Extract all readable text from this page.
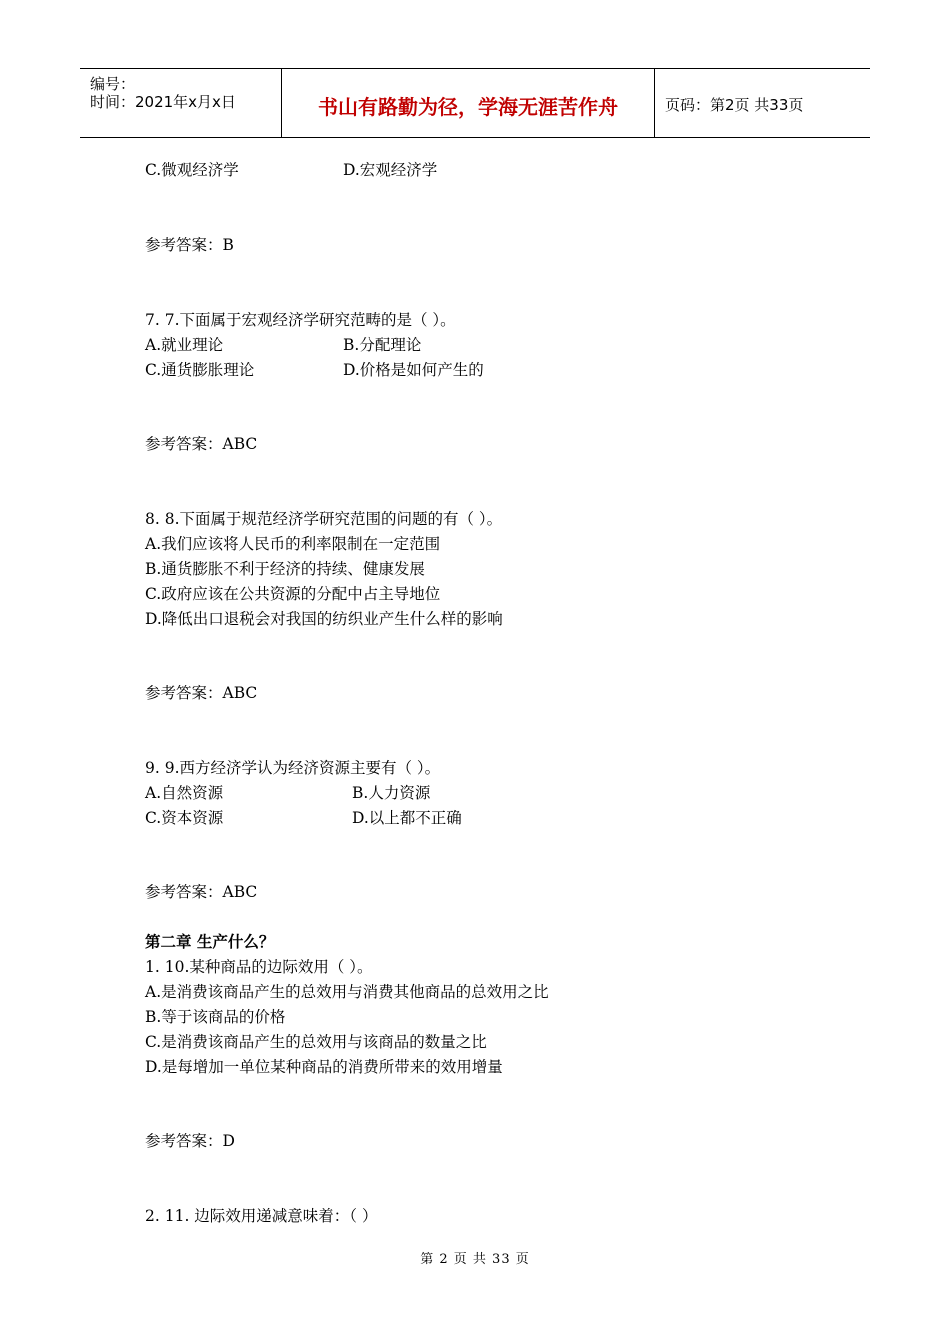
编号：
时间：2021年x月x日	书山有路勤为径，学海无涯苦作舟	页码：第2页 共33页
C.微观经济学	D.宏观经济学
参考答案：B
7. 7.下面属于宏观经济学研究范畴的是（ ）。
A.就业理论	B.分配理论
C.通货膨胀理论	D.价格是如何产生的
参考答案：ABC
8. 8.下面属于规范经济学研究范围的问题的有（ ）。
A.我们应该将人民币的利率限制在一定范围
B.通货膨胀不利于经济的持续、健康发展
C.政府应该在公共资源的分配中占主导地位
D.降低出口退税会对我国的纺织业产生什么样的影响
参考答案：ABC
9. 9.西方经济学认为经济资源主要有（ ）。
A.自然资源	B.人力资源
C.资本资源	D.以上都不正确
参考答案：ABC
第二章 生产什么？
1. 10.某种商品的边际效用（ ）。
A.是消费该商品产生的总效用与消费其他商品的总效用之比
B.等于该商品的价格
C.是消费该商品产生的总效用与该商品的数量之比
D.是每增加一单位某种商品的消费所带来的效用增量
参考答案：D
2. 11. 边际效用递减意味着：（ ）
第 2 页 共 33 页
